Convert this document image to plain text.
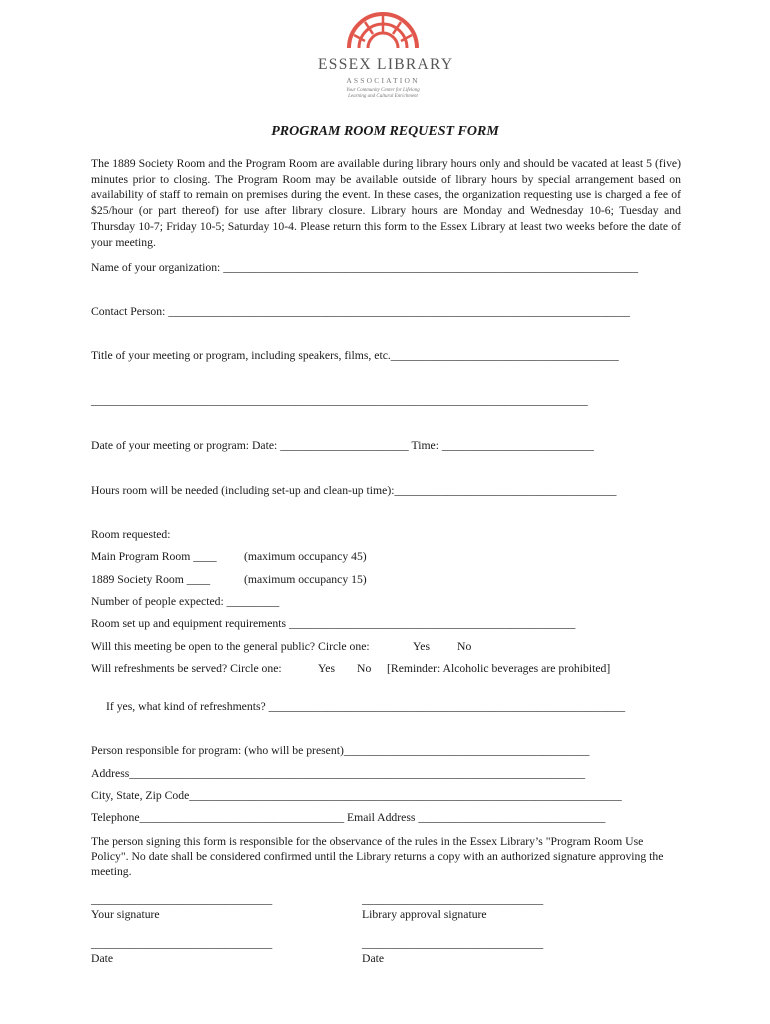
ESSEX LIBRARY
ASSOCIATION
Your Community Center for Lifelong
Learning and Cultural Enrichment
PROGRAM ROOM REQUEST FORM
The 1889 Society Room and the Program Room are available during library hours only and should be vacated at least 5 (five) minutes prior to closing. The Program Room may be available outside of library hours by special arrangement based on availability of staff to remain on premises during the event. In these cases, the organization requesting use is charged a fee of $25/hour (or part thereof) for use after library closure. Library hours are Monday and Wednesday 10-6; Tuesday and Thursday 10-7; Friday 10-5; Saturday 10-4. Please return this form to the Essex Library at least two weeks before the date of your meeting.
Name of your organization: _______________________________________________________________________
Contact Person: _______________________________________________________________________________
Title of your meeting or program, including speakers, films, etc._______________________________________
_____________________________________________________________________________________
Date of your meeting or program: Date: ______________________ Time: __________________________
Hours room will be needed (including set-up and clean-up time):______________________________________
Room requested:
Main Program Room ____ (maximum occupancy 45)
1889 Society Room ____	(maximum occupancy 15)
Number of people expected: _________
Room set up and equipment requirements _________________________________________________
Will this meeting be open to the general public? Circle one:	Yes No
Will refreshments be served? Circle one:	Yes No [Reminder: Alcoholic beverages are prohibited]
If yes, what kind of refreshments? _____________________________________________________________
Person responsible for program: (who will be present)__________________________________________
Address______________________________________________________________________________
City, State, Zip Code__________________________________________________________________________
Telephone___________________________________ Email Address ________________________________
The person signing this form is responsible for the observance of the rules in the Essex Library’s "Program Room Use Policy". No date shall be considered confirmed until the Library returns a copy with an authorized signature approving the meeting.
_______________________________
Your signature
_______________________________
Library approval signature
_______________________________
Date
_______________________________
Date
